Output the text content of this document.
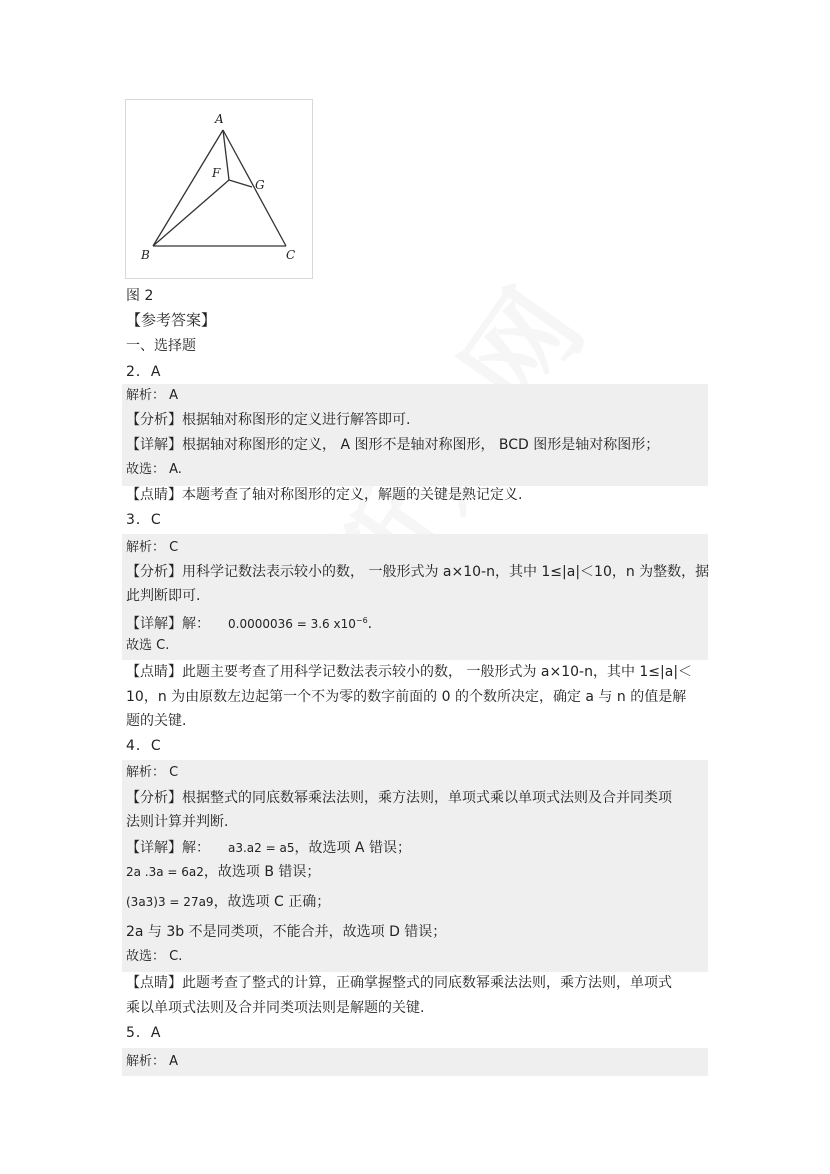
A
F
G
B	C
图 2
【参考答案】
一、选择题
2．A
解析： A
【分析】根据轴对称图形的定义进行解答即可.
【详解】根据轴对称图形的定义， A 图形不是轴对称图形， BCD 图形是轴对称图形；
故选： A.
【点睛】本题考查了轴对称图形的定义，解题的关键是熟记定义.
3．C
解析： C
【分析】用科学记数法表示较小的数， 一般形式为 a×10-n，其中 1≤|a|＜10，n 为整数，据
此判断即可.
【详解】解： 0.0000036 = 3.6 $x10^{-6}$.
故选 C.
【点睛】此题主要考查了用科学记数法表示较小的数， 一般形式为 a×10-n，其中 1≤|a|＜
10，n 为由原数左边起第一个不为零的数字前面的 0 的个数所决定，确定 a 与 n 的值是解
题的关键.
4．C
解析： C
【分析】根据整式的同底数幂乘法法则，乘方法则，单项式乘以单项式法则及合并同类项
法则计算并判断.
【详解】解： a3.a2 = a5，故选项 A 错误；
2a .3a = 6a2，故选项 B 错误；
(3a3)3 = 27a9，故选项 C 正确；
2a 与 3b 不是同类项，不能合并，故选项 D 错误；
故选： C.
【点睛】此题考查了整式的计算，正确掌握整式的同底数幂乘法法则，乘方法则，单项式
乘以单项式法则及合并同类项法则是解题的关键.
5．A
解析： A
